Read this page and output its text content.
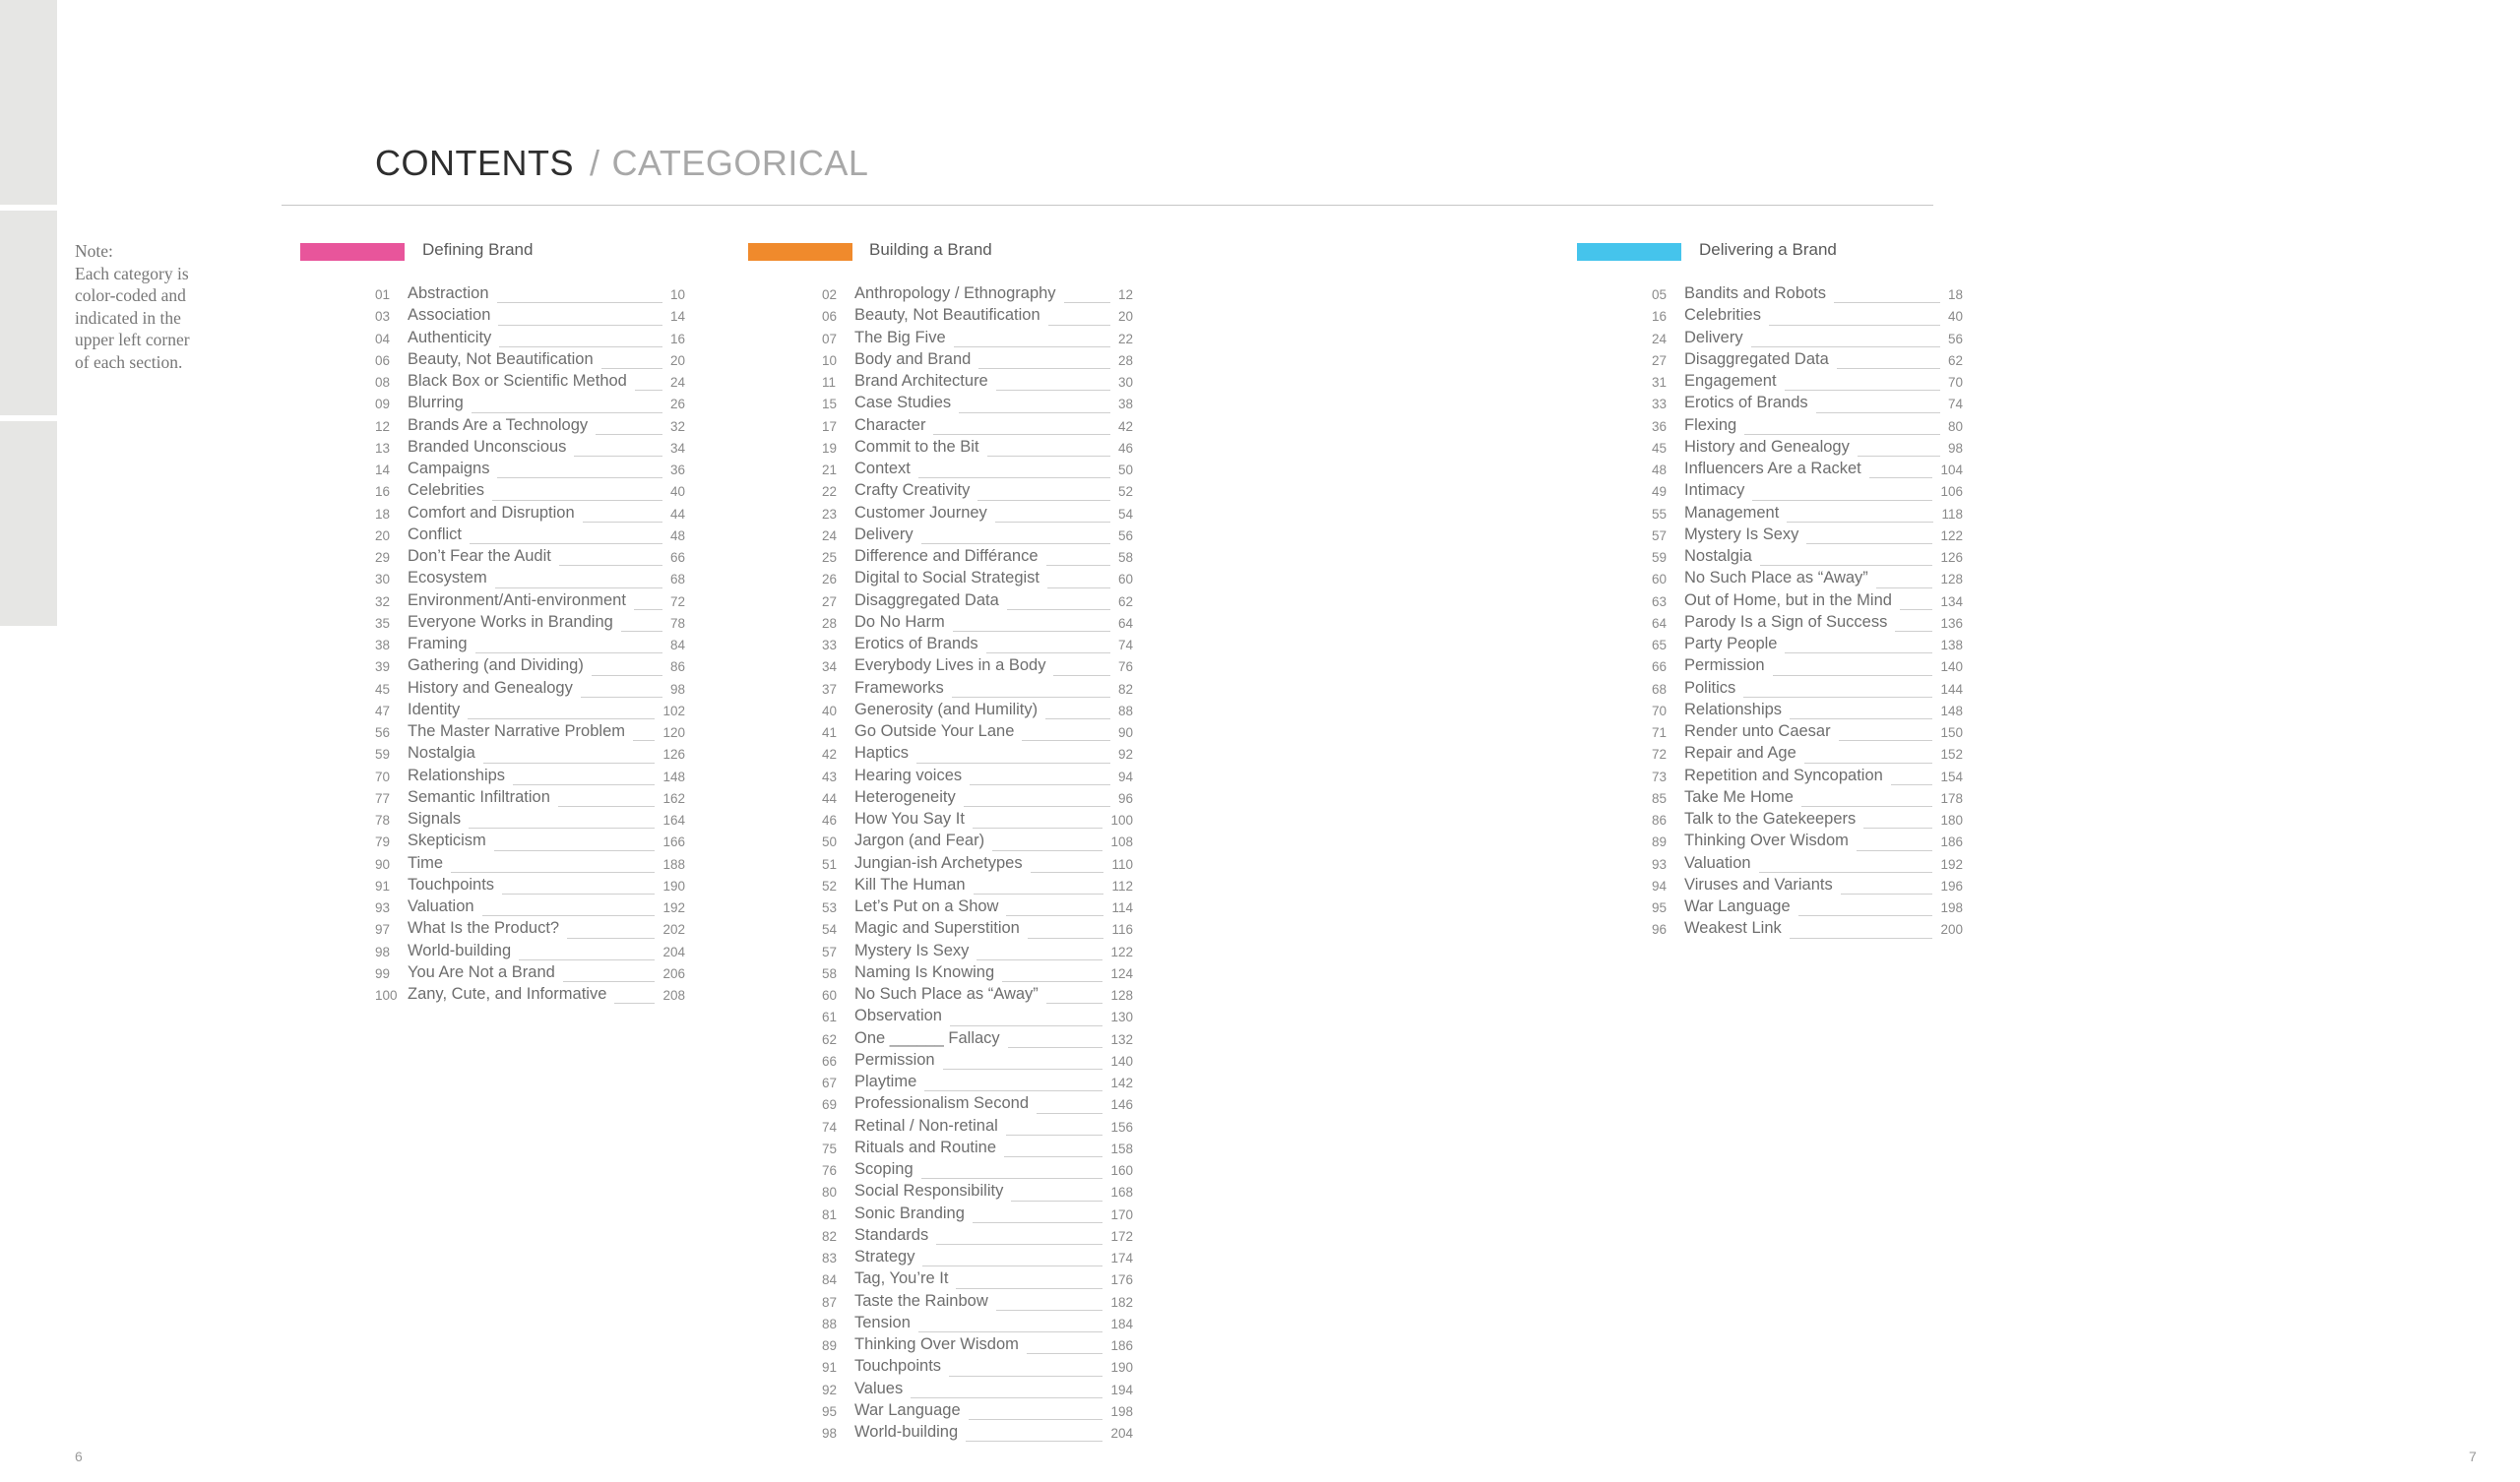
CONTENTS / CATEGORICAL
Note:
Each category is
color-coded and
indicated in the
upper left corner
of each section.
Defining Brand
01 Abstraction	10
03 Association	14
04 Authenticity	16
06 Beauty, Not Beautification	20
08 Black Box or Scientific Method	24
09 Blurring	26
12 Brands Are a Technology	32
13 Branded Unconscious	34
14 Campaigns	36
16 Celebrities	40
18 Comfort and Disruption	44
20 Conflict	48
29 Don’t Fear the Audit	66
30 Ecosystem	68
32 Environment/Anti-environment	72
35 Everyone Works in Branding	78
38 Framing	84
39 Gathering (and Dividing)	86
45 History and Genealogy	98
47 Identity	102
56 The Master Narrative Problem	120
59 Nostalgia	126
70 Relationships	148
77 Semantic Infiltration	162
78 Signals	164
79 Skepticism	166
90 Time	188
91 Touchpoints	190
93 Valuation	192
97 What Is the Product?	202
98 World-building	204
99 You Are Not a Brand	206
100 Zany, Cute, and Informative	208
Building a Brand
02 Anthropology / Ethnography	12
06 Beauty, Not Beautification	20
07 The Big Five	22
10 Body and Brand	28
11 Brand Architecture	30
15 Case Studies	38
17 Character	42
19 Commit to the Bit	46
21 Context	50
22 Crafty Creativity	52
23 Customer Journey	54
24 Delivery	56
25 Difference and Différance	58
26 Digital to Social Strategist	60
27 Disaggregated Data	62
28 Do No Harm	64
33 Erotics of Brands	74
34 Everybody Lives in a Body	76
37 Frameworks	82
40 Generosity (and Humility)	88
41 Go Outside Your Lane	90
42 Haptics	92
43 Hearing voices	94
44 Heterogeneity	96
46 How You Say It	100
50 Jargon (and Fear)	108
51 Jungian-ish Archetypes	110
52 Kill The Human	112
53 Let’s Put on a Show	114
54 Magic and Superstition	116
57 Mystery Is Sexy	122
58 Naming Is Knowing	124
60 No Such Place as “Away”	128
61 Observation	130
62 One ______ Fallacy	132
66 Permission	140
67 Playtime	142
69 Professionalism Second	146
74 Retinal / Non-retinal	156
75 Rituals and Routine	158
76 Scoping	160
80 Social Responsibility	168
81 Sonic Branding	170
82 Standards	172
83 Strategy	174
84 Tag, You’re It	176
87 Taste the Rainbow	182
88 Tension	184
89 Thinking Over Wisdom	186
91 Touchpoints	190
92 Values	194
95 War Language	198
98 World-building	204
Delivering a Brand
05 Bandits and Robots	18
16 Celebrities	40
24 Delivery	56
27 Disaggregated Data	62
31 Engagement	70
33 Erotics of Brands	74
36 Flexing	80
45 History and Genealogy	98
48 Influencers Are a Racket	104
49 Intimacy	106
55 Management	118
57 Mystery Is Sexy	122
59 Nostalgia	126
60 No Such Place as “Away”	128
63 Out of Home, but in the Mind	134
64 Parody Is a Sign of Success	136
65 Party People	138
66 Permission	140
68 Politics	144
70 Relationships	148
71 Render unto Caesar	150
72 Repair and Age	152
73 Repetition and Syncopation	154
85 Take Me Home	178
86 Talk to the Gatekeepers	180
89 Thinking Over Wisdom	186
93 Valuation	192
94 Viruses and Variants	196
95 War Language	198
96 Weakest Link	200
6	7
